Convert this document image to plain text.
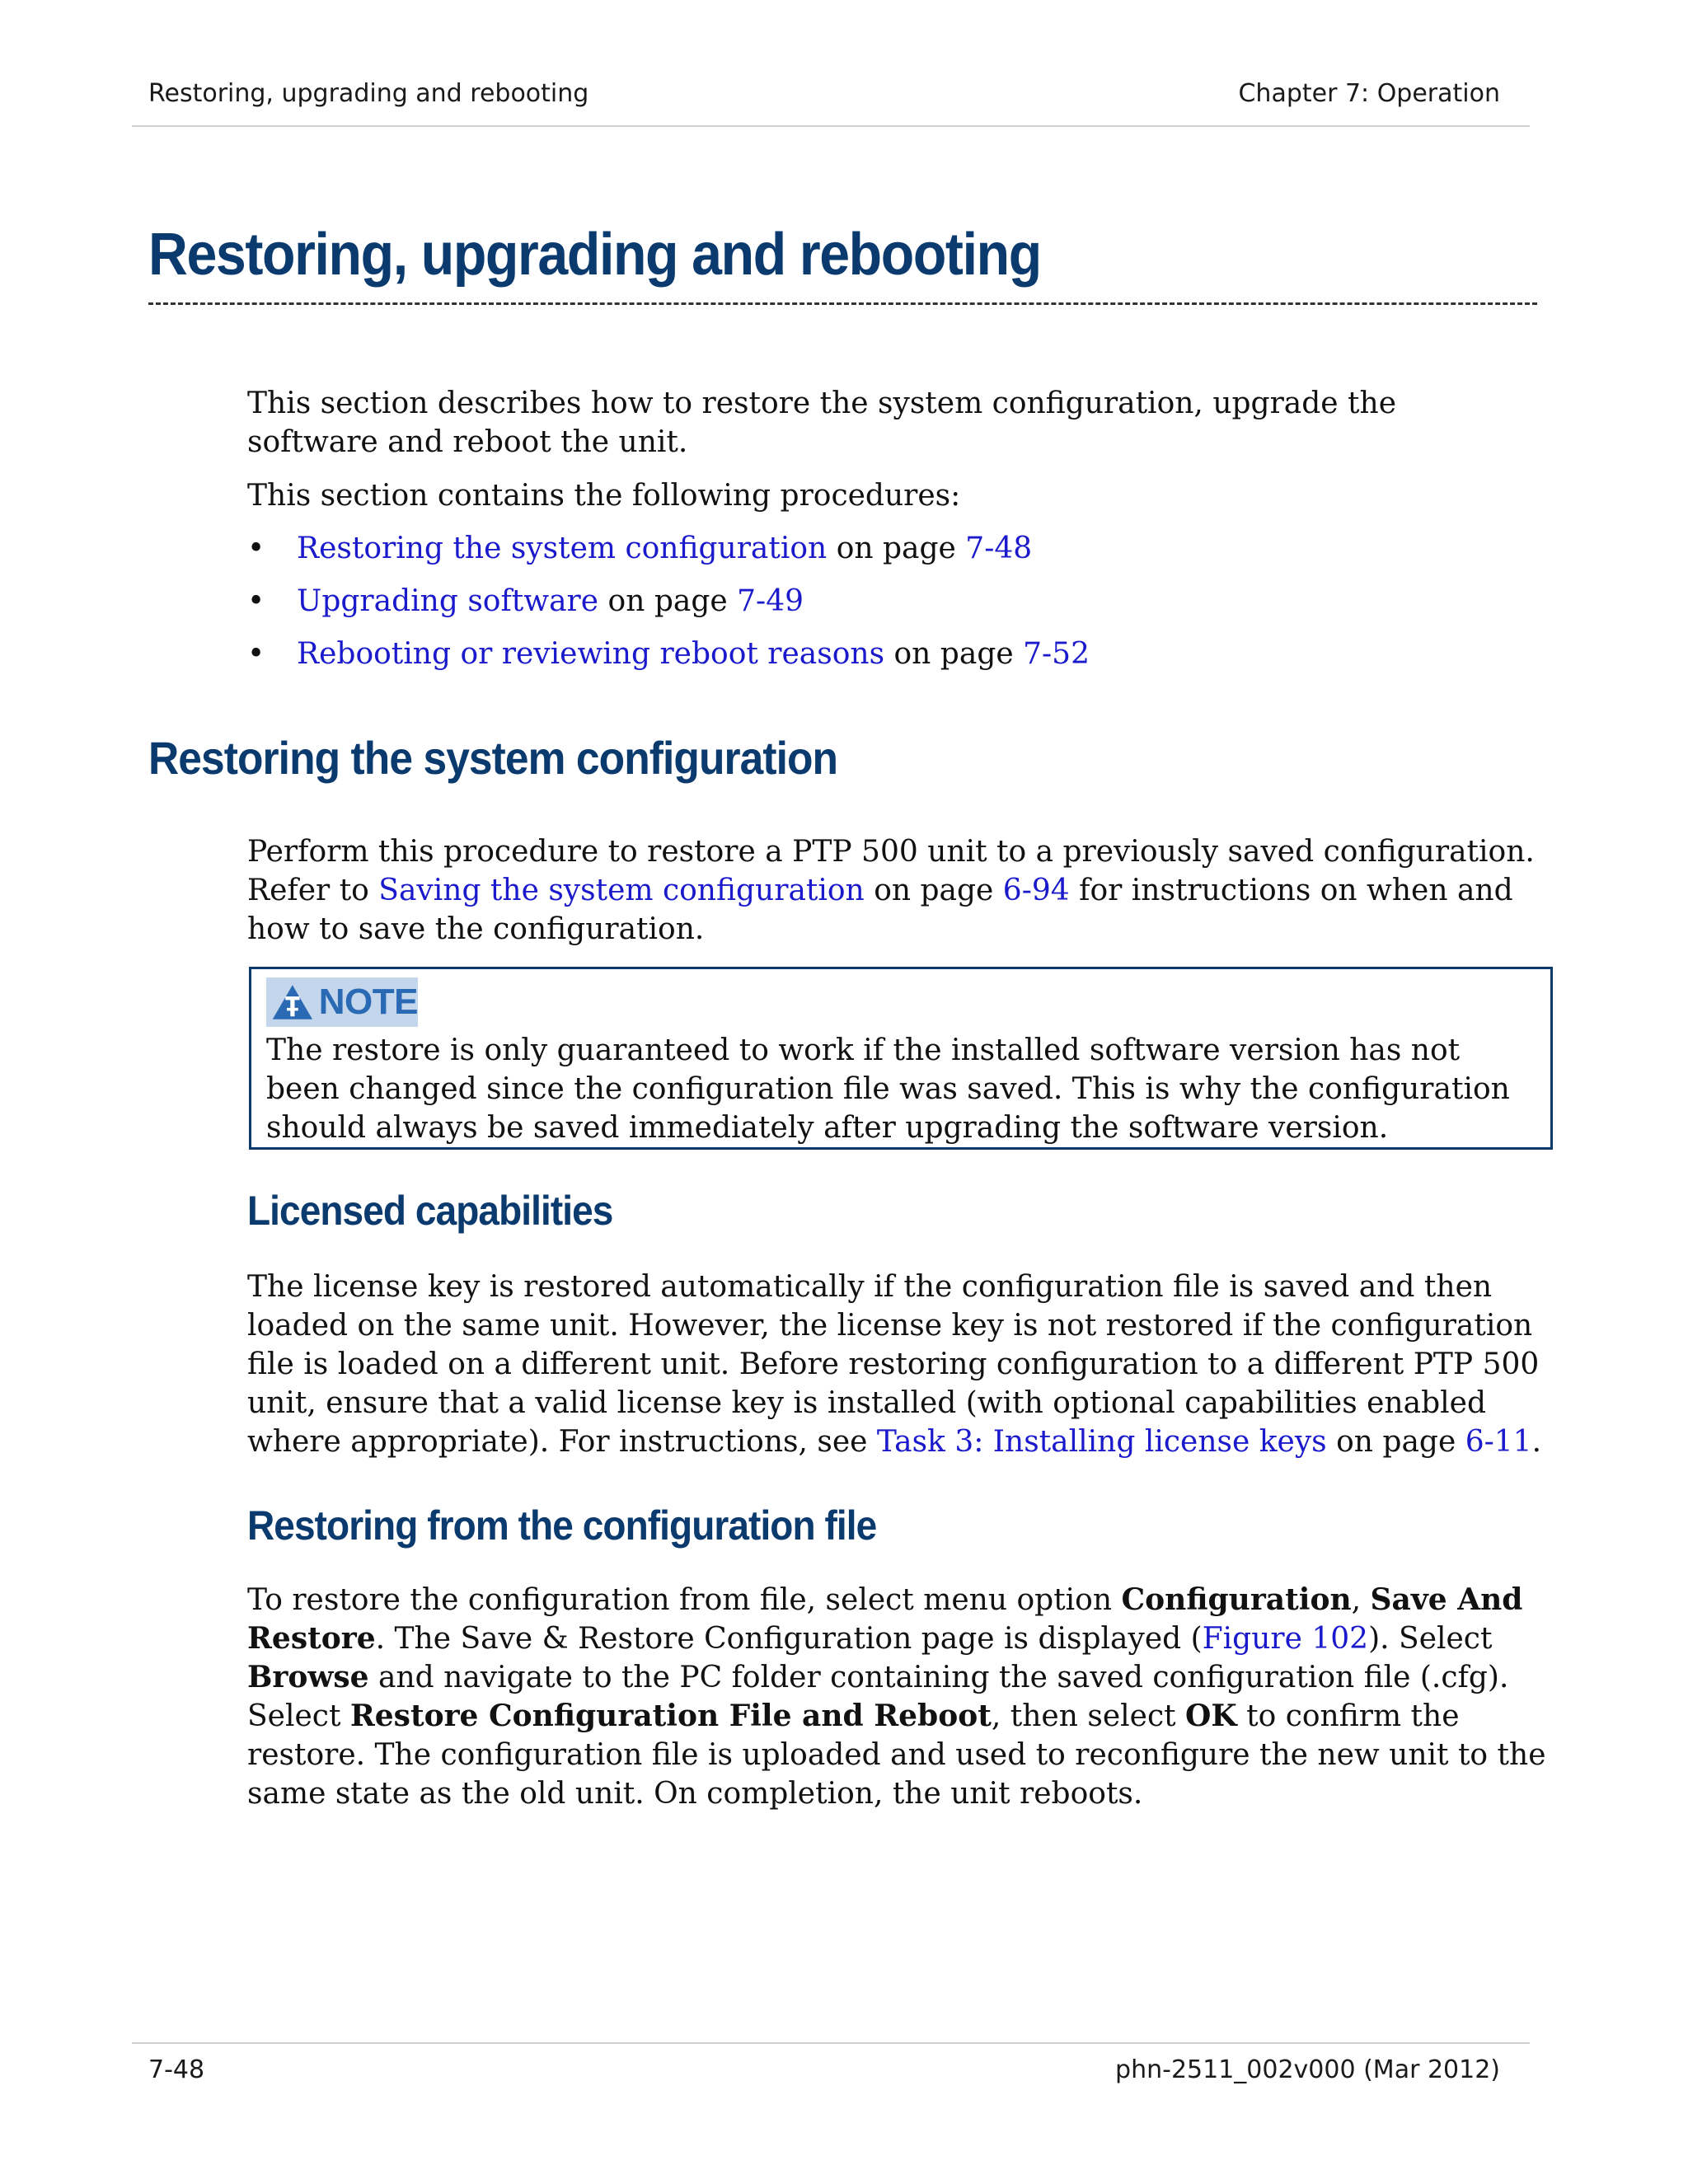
Restoring, upgrading and rebooting	Chapter 7: Operation
Restoring, upgrading and rebooting

This section describes how to restore the system configuration, upgrade the software and reboot the unit.

This section contains the following procedures:

• Restoring the system configuration on page 7-48
• Upgrading software on page 7-49
• Rebooting or reviewing reboot reasons on page 7-52
Restoring the system configuration

Perform this procedure to restore a PTP 500 unit to a previously saved configuration. Refer to Saving the system configuration on page 6-94 for instructions on when and how to save the configuration.

NOTE

The restore is only guaranteed to work if the installed software version has not been changed since the configuration file was saved. This is why the configuration should always be saved immediately after upgrading the software version.

Licensed capabilities

The license key is restored automatically if the configuration file is saved and then loaded on the same unit. However, the license key is not restored if the configuration file is loaded on a different unit. Before restoring configuration to a different PTP 500 unit, ensure that a valid license key is installed (with optional capabilities enabled where appropriate). For instructions, see Task 3: Installing license keys on page 6-11.

Restoring from the configuration file

To restore the configuration from file, select menu option Configuration, Save And Restore. The Save & Restore Configuration page is displayed (Figure 102). Select Browse and navigate to the PC folder containing the saved configuration file (.cfg). Select Restore Configuration File and Reboot, then select OK to confirm the restore. The configuration file is uploaded and used to reconfigure the new unit to the same state as the old unit. On completion, the unit reboots.

7-48	phn-2511_002v000 (Mar 2012)
